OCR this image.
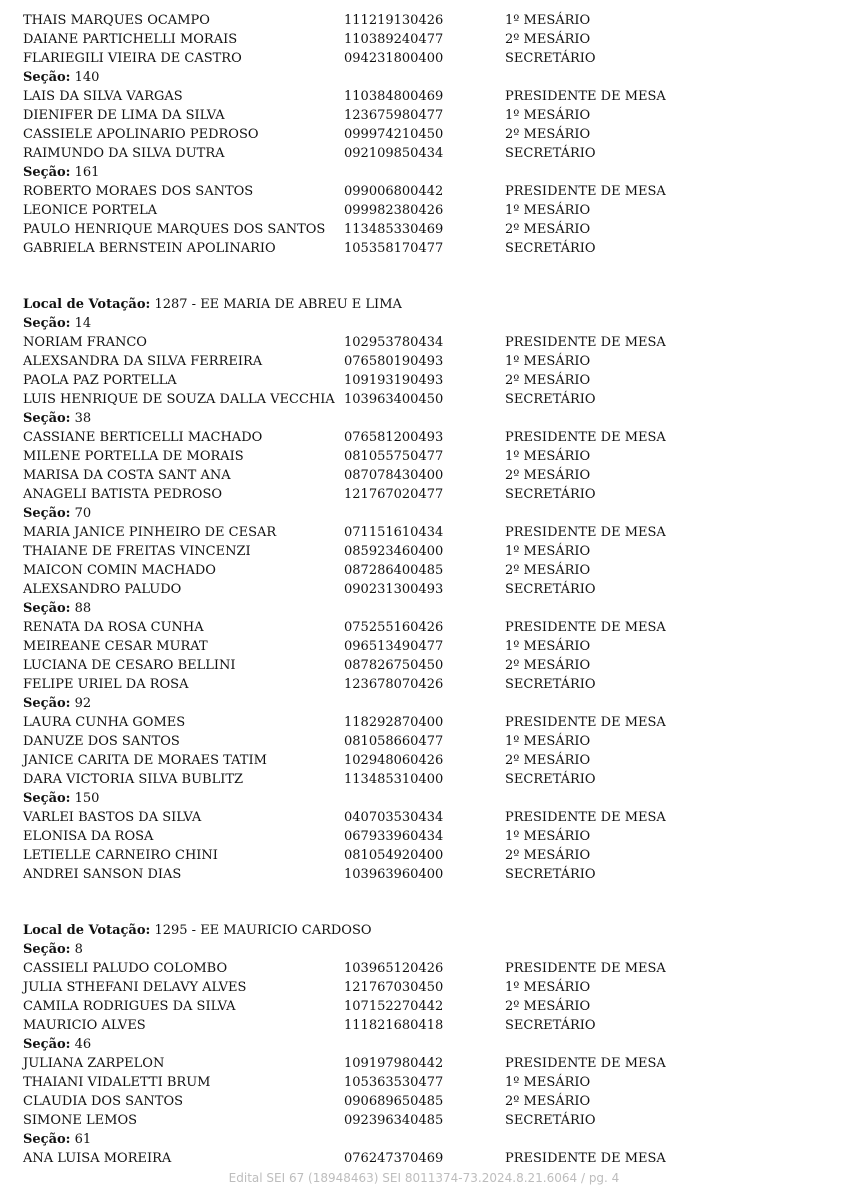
THAIS MARQUES OCAMPO	111219130426	1º MESÁRIO
DAIANE PARTICHELLI MORAIS	110389240477	2º MESÁRIO
FLARIEGILI VIEIRA DE CASTRO	094231800400	SECRETÁRIO
Seção: 140
LAIS DA SILVA VARGAS	110384800469	PRESIDENTE DE MESA
DIENIFER DE LIMA DA SILVA	123675980477	1º MESÁRIO
CASSIELE APOLINARIO PEDROSO	099974210450	2º MESÁRIO
RAIMUNDO DA SILVA DUTRA	092109850434	SECRETÁRIO
Seção: 161
ROBERTO MORAES DOS SANTOS	099006800442	PRESIDENTE DE MESA
LEONICE PORTELA	099982380426	1º MESÁRIO
PAULO HENRIQUE MARQUES DOS SANTOS 113485330469	2º MESÁRIO
GABRIELA BERNSTEIN APOLINARIO	105358170477	SECRETÁRIO
Local de Votação: 1287 - EE MARIA DE ABREU E LIMA
Seção: 14
NORIAM FRANCO	102953780434	PRESIDENTE DE MESA
ALEXSANDRA DA SILVA FERREIRA	076580190493	1º MESÁRIO
PAOLA PAZ PORTELLA	109193190493	2º MESÁRIO
LUIS HENRIQUE DE SOUZA DALLA VECCHIA 103963400450	SECRETÁRIO
Seção: 38
CASSIANE BERTICELLI MACHADO	076581200493	PRESIDENTE DE MESA
MILENE PORTELLA DE MORAIS	081055750477	1º MESÁRIO
MARISA DA COSTA SANT ANA	087078430400	2º MESÁRIO
ANAGELI BATISTA PEDROSO	121767020477	SECRETÁRIO
Seção: 70
MARIA JANICE PINHEIRO DE CESAR	071151610434	PRESIDENTE DE MESA
THAIANE DE FREITAS VINCENZI	085923460400	1º MESÁRIO
MAICON COMIN MACHADO	087286400485	2º MESÁRIO
ALEXSANDRO PALUDO	090231300493	SECRETÁRIO
Seção: 88
RENATA DA ROSA CUNHA	075255160426	PRESIDENTE DE MESA
MEIREANE CESAR MURAT	096513490477	1º MESÁRIO
LUCIANA DE CESARO BELLINI	087826750450	2º MESÁRIO
FELIPE URIEL DA ROSA	123678070426	SECRETÁRIO
Seção: 92
LAURA CUNHA GOMES	118292870400	PRESIDENTE DE MESA
DANUZE DOS SANTOS	081058660477	1º MESÁRIO
JANICE CARITA DE MORAES TATIM	102948060426	2º MESÁRIO
DARA VICTORIA SILVA BUBLITZ	113485310400	SECRETÁRIO
Seção: 150
VARLEI BASTOS DA SILVA	040703530434	PRESIDENTE DE MESA
ELONISA DA ROSA	067933960434	1º MESÁRIO
LETIELLE CARNEIRO CHINI	081054920400	2º MESÁRIO
ANDREI SANSON DIAS	103963960400	SECRETÁRIO
Local de Votação: 1295 - EE MAURICIO CARDOSO
Seção: 8
CASSIELI PALUDO COLOMBO	103965120426	PRESIDENTE DE MESA
JULIA STHEFANI DELAVY ALVES	121767030450	1º MESÁRIO
CAMILA RODRIGUES DA SILVA	107152270442	2º MESÁRIO
MAURICIO ALVES	111821680418	SECRETÁRIO
Seção: 46
JULIANA ZARPELON	109197980442	PRESIDENTE DE MESA
THAIANI VIDALETTI BRUM	105363530477	1º MESÁRIO
CLAUDIA DOS SANTOS	090689650485	2º MESÁRIO
SIMONE LEMOS	092396340485	SECRETÁRIO
Seção: 61
ANA LUISA MOREIRA	076247370469	PRESIDENTE DE MESA
Edital SEI 67 (18948463) SEI 8011374-73.2024.8.21.6064 / pg. 4
